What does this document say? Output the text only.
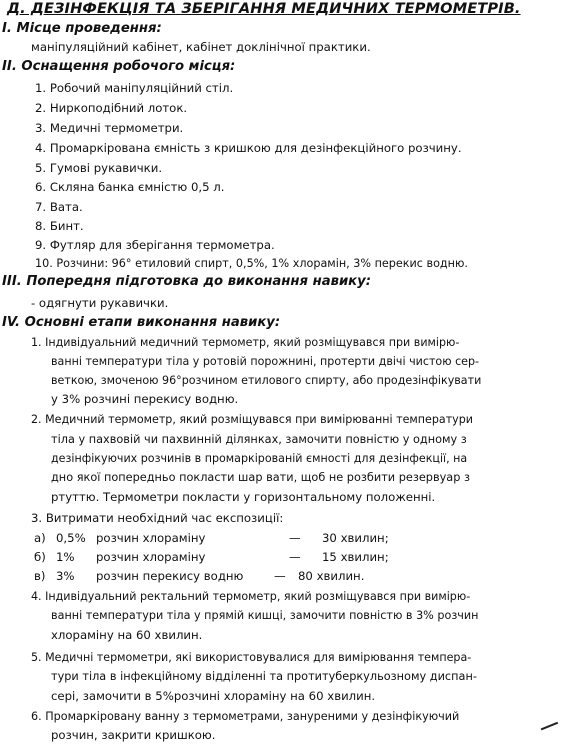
Д. ДЕЗІНФЕКЦІЯ ТА ЗБЕРІГАННЯ МЕДИЧНИХ ТЕРМОМЕТРІВ.
І. Місце проведення:
маніпуляційний кабінет, кабінет доклінічної практики.
ІІ. Оснащення робочого місця:
1. Робочий маніпуляційний стіл.
2. Ниркоподібний лоток.
3. Медичні термометри.
4. Промаркірована ємність з кришкою для дезінфекційного розчину.
5. Гумові рукавички.
6. Скляна банка ємністю 0,5 л.
7. Вата.
8. Бинт.
9. Футляр для зберігання термометра.
10. Розчини: 96° етиловий спирт, 0,5%, 1% хлорамін, 3% перекис водню.
ІІІ. Попередня підготовка до виконання навику:
- одягнути рукавички.
IV. Основні етапи виконання навику:
1. Індивідуальний медичний термометр, який розміщувався при вимірю-
ванні температури тіла у ротовій порожнині, протерти двічі чистою сер-
веткою, змоченою 96°розчином етилового спирту, або продезінфікувати
у 3% розчині перекису водню.
2. Медичний термометр, який розміщувався при вимірюванні температури
тіла у пахвовій чи пахвинній ділянках, замочити повністю у одному з
дезінфікуючих розчинів в промаркірованій ємності для дезінфекції, на
дно якої попередньо покласти шар вати, щоб не розбити резервуар з
ртуттю. Термометри покласти у горизонтальному положенні.
3. Витримати необхідний час експозиції:
а) 0,5% розчин хлораміну	— 30 хвилин;
б) 1% розчин хлораміну	— 15 хвилин;
в) 3% розчин перекису водню	— 80 хвилин.
4. Індивідуальний ректальний термометр, який розміщувався при вимірю-
ванні температури тіла у прямій кишці, замочити повністю в 3% розчин
хлораміну на 60 хвилин.
5. Медичні термометри, які використовувалися для вимірювання темпера-
тури тіла в інфекційному відділенні та протитуберкульозному диспан-
сері, замочити в 5%розчині хлораміну на 60 хвилин.
6. Промаркіровану ванну з термометрами, зануреними у дезінфікуючий
розчин, закрити кришкою.
